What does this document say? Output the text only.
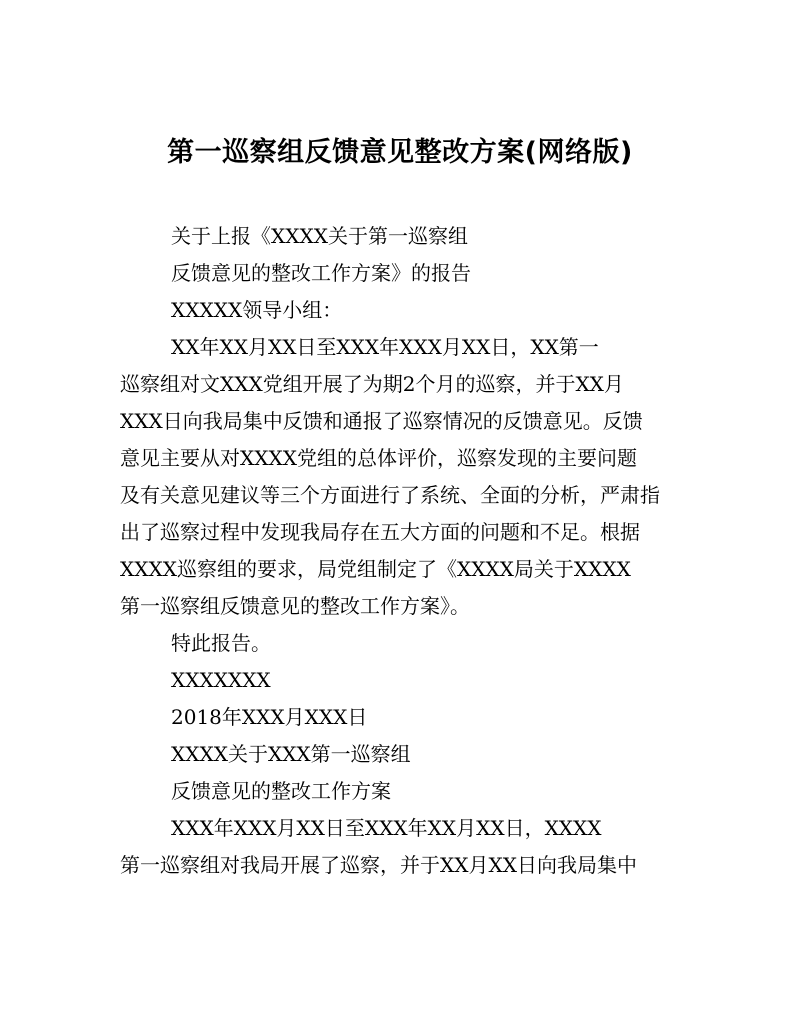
第一巡察组反馈意见整改方案(网络版)
关于上报《XXXX关于第一巡察组
反馈意见的整改工作方案》的报告
XXXXX领导小组：
XX年XX月XX日至XXX年XXX月XX日，XX第一
巡察组对文XXX党组开展了为期2个月的巡察，并于XX月
XXX日向我局集中反馈和通报了巡察情况的反馈意见。反馈
意见主要从对XXXX党组的总体评价，巡察发现的主要问题
及有关意见建议等三个方面进行了系统、全面的分析，严肃指
出了巡察过程中发现我局存在五大方面的问题和不足。根据
XXXX巡察组的要求，局党组制定了《XXXX局关于XXXX
第一巡察组反馈意见的整改工作方案》。
特此报告。
XXXXXXX
2018年XXX月XXX日
XXXX关于XXX第一巡察组
反馈意见的整改工作方案
XXX年XXX月XX日至XXX年XX月XX日，XXXX
第一巡察组对我局开展了巡察，并于XX月XX日向我局集中
